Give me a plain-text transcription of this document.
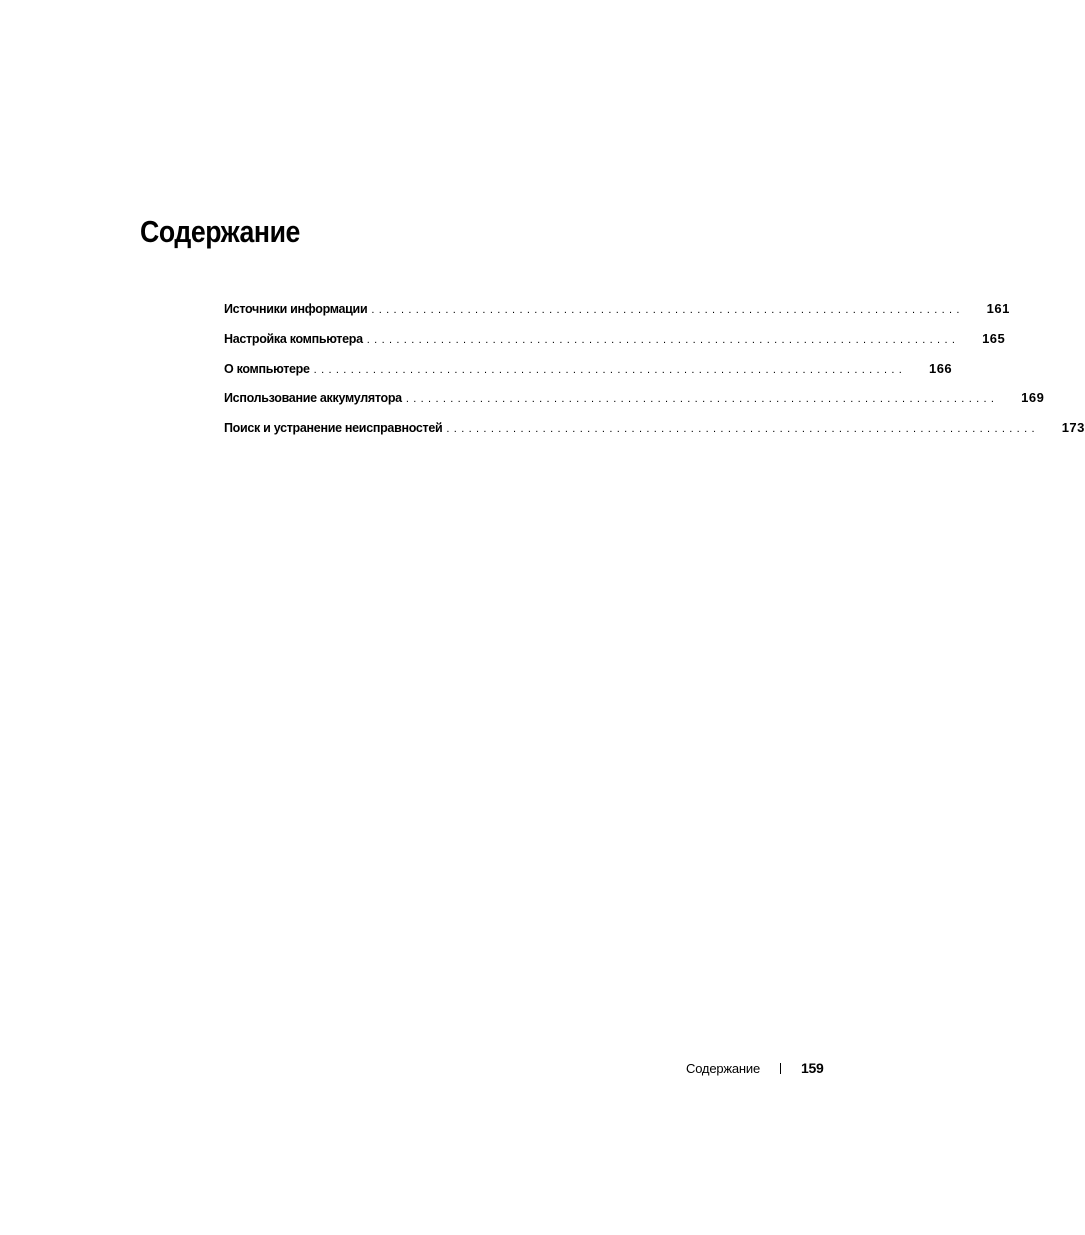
Содержание
Источники информации ................................................................................	161
Настройка компьютера ................................................................................	165
О компьютере ................................................................................	166
Использование аккумулятора ................................................................................	169
Поиск и устранение неисправностей ................................................................................	173
Содержание	159
